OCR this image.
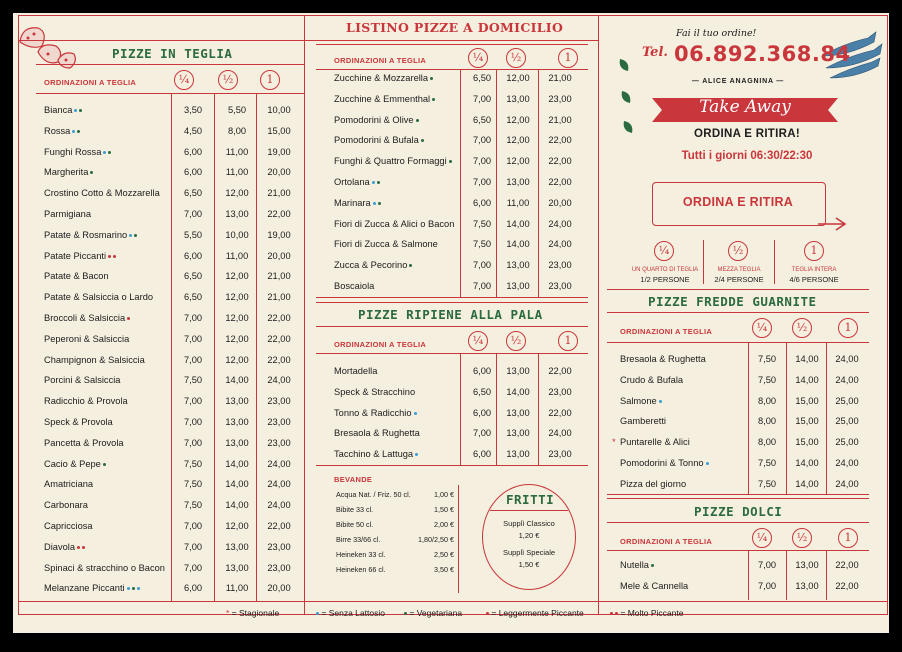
PIZZE IN TEGLIA
ORDINAZIONI A TEGLIA	¼	½	1
Bianca	3,50	5,50	10,00
Rossa	4,50	8,00	15,00
Funghi Rossa	6,00	11,00	19,00
Margherita	6,00	11,00	20,00
Crostino Cotto & Mozzarella	6,50	12,00	21,00
Parmigiana	7,00	13,00	22,00
Patate & Rosmarino	5,50	10,00	19,00
Patate Piccanti	6,00	11,00	20,00
Patate & Bacon	6,50	12,00	21,00
Patate & Salsiccia o Lardo	6,50	12,00	21,00
Broccoli & Salsiccia	7,00	12,00	22,00
Peperoni & Salsiccia	7,00	12,00	22,00
Champignon & Salsiccia	7,00	12,00	22,00
Porcini & Salsiccia	7,50	14,00	24,00
Radicchio & Provola	7,00	13,00	23,00
Speck & Provola	7,00	13,00	23,00
Pancetta & Provola	7,00	13,00	23,00
Cacio & Pepe	7,50	14,00	24,00
Amatriciana	7,50	14,00	24,00
Carbonara	7,50	14,00	24,00
Capricciosa	7,00	12,00	22,00
Diavola	7,00	13,00	23,00
Spinaci & stracchino o Bacon	7,00	13,00	23,00
Melanzane Piccanti	6,00	11,00	20,00
LISTINO PIZZE A DOMICILIO
ORDINAZIONI A TEGLIA	¼	½	1
Zucchine & Mozzarella	6,50	12,00	21,00
Zucchine & Emmenthal	7,00	13,00	23,00
Pomodorini & Olive	6,50	12,00	21,00
Pomodorini & Bufala	7,00	12,00	22,00
Funghi & Quattro Formaggi	7,00	12,00	22,00
Ortolana	7,00	13,00	22,00
Marinara	6,00	11,00	20,00
Fiori di Zucca & Alici o Bacon	7,50	14,00	24,00
Fiori di Zucca & Salmone	7,50	14,00	24,00
Zucca & Pecorino	7,00	13,00	23,00
Boscaiola	7,00	13,00	23,00
PIZZE RIPIENE ALLA PALA
ORDINAZIONI A TEGLIA	¼	½	1
Mortadella	6,00	13,00	22,00
Speck & Stracchino	6,50	14,00	23,00
Tonno & Radicchio	6,00	13,00	22,00
Bresaola & Rughetta	7,00	13,00	24,00
Tacchino & Lattuga	6,00	13,00	23,00
BEVANDE
Acqua Nat. / Friz. 50 cl.	1,00 €
Bibite 33 cl.	1,50 €
Bibite 50 cl.	2,00 €
Birre 33/66 cl.	1,80/2,50 €
Heineken 33 cl.	2,50 €
Heineken 66 cl.	3,50 €
FRITTI
Supplì Classico
1,20 €
Supplì Speciale
1,50 €
Fai il tuo ordine!
Tel. 06.892.368.84
— ALICE ANAGNINA —
Take Away
ORDINA E RITIRA!
Tutti i giorni 06:30/22:30
ORDINA E RITIRA
¼	½	1
UN QUARTO DI TEGLIA
1/2 PERSONE
MEZZA TEGLIA
2/4 PERSONE
TEGLIA INTERA
4/6 PERSONE
PIZZE FREDDE GUARNITE
ORDINAZIONI A TEGLIA	¼	½	1
Bresaola & Rughetta	7,50	14,00	24,00
Crudo & Bufala	7,50	14,00	24,00
Salmone	8,00	15,00	25,00
Gamberetti	8,00	15,00	25,00
* Puntarelle & Alici	8,00	15,00	25,00
Pomodorini & Tonno	7,50	14,00	24,00
Pizza del giorno	7,50	14,00	24,00
PIZZE DOLCI
ORDINAZIONI A TEGLIA	¼	½	1
Nutella	7,00	13,00	22,00
Mele & Cannella	7,00	13,00	22,00
* = Stagionale	= Senza Lattosio	= Vegetariana	= Leggermente Piccante	= Molto Piccante
